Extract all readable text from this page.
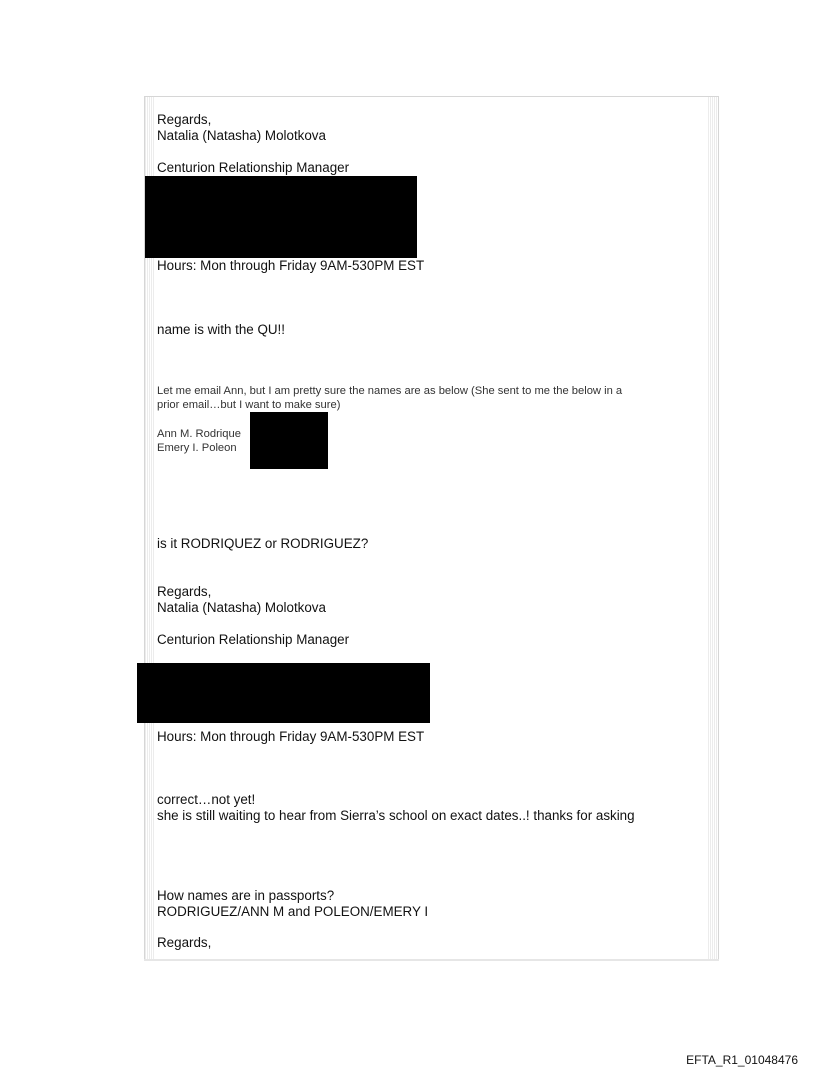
Regards,
Natalia (Natasha) Molotkova
Centurion Relationship Manager
Hours: Mon through Friday 9AM-530PM EST
name is with the QU!!
Let me email Ann, but I am pretty sure the names are as below (She sent to me the below in a
prior email…but I want to make sure)
Ann M. Rodrique
Emery I. Poleon
is it RODRIQUEZ or RODRIGUEZ?
Regards,
Natalia (Natasha) Molotkova
Centurion Relationship Manager
Hours: Mon through Friday 9AM-530PM EST
correct…not yet!
she is still waiting to hear from Sierra’s school on exact dates..! thanks for asking
How names are in passports?
RODRIGUEZ/ANN M and POLEON/EMERY I
Regards,
EFTA_R1_01048476
